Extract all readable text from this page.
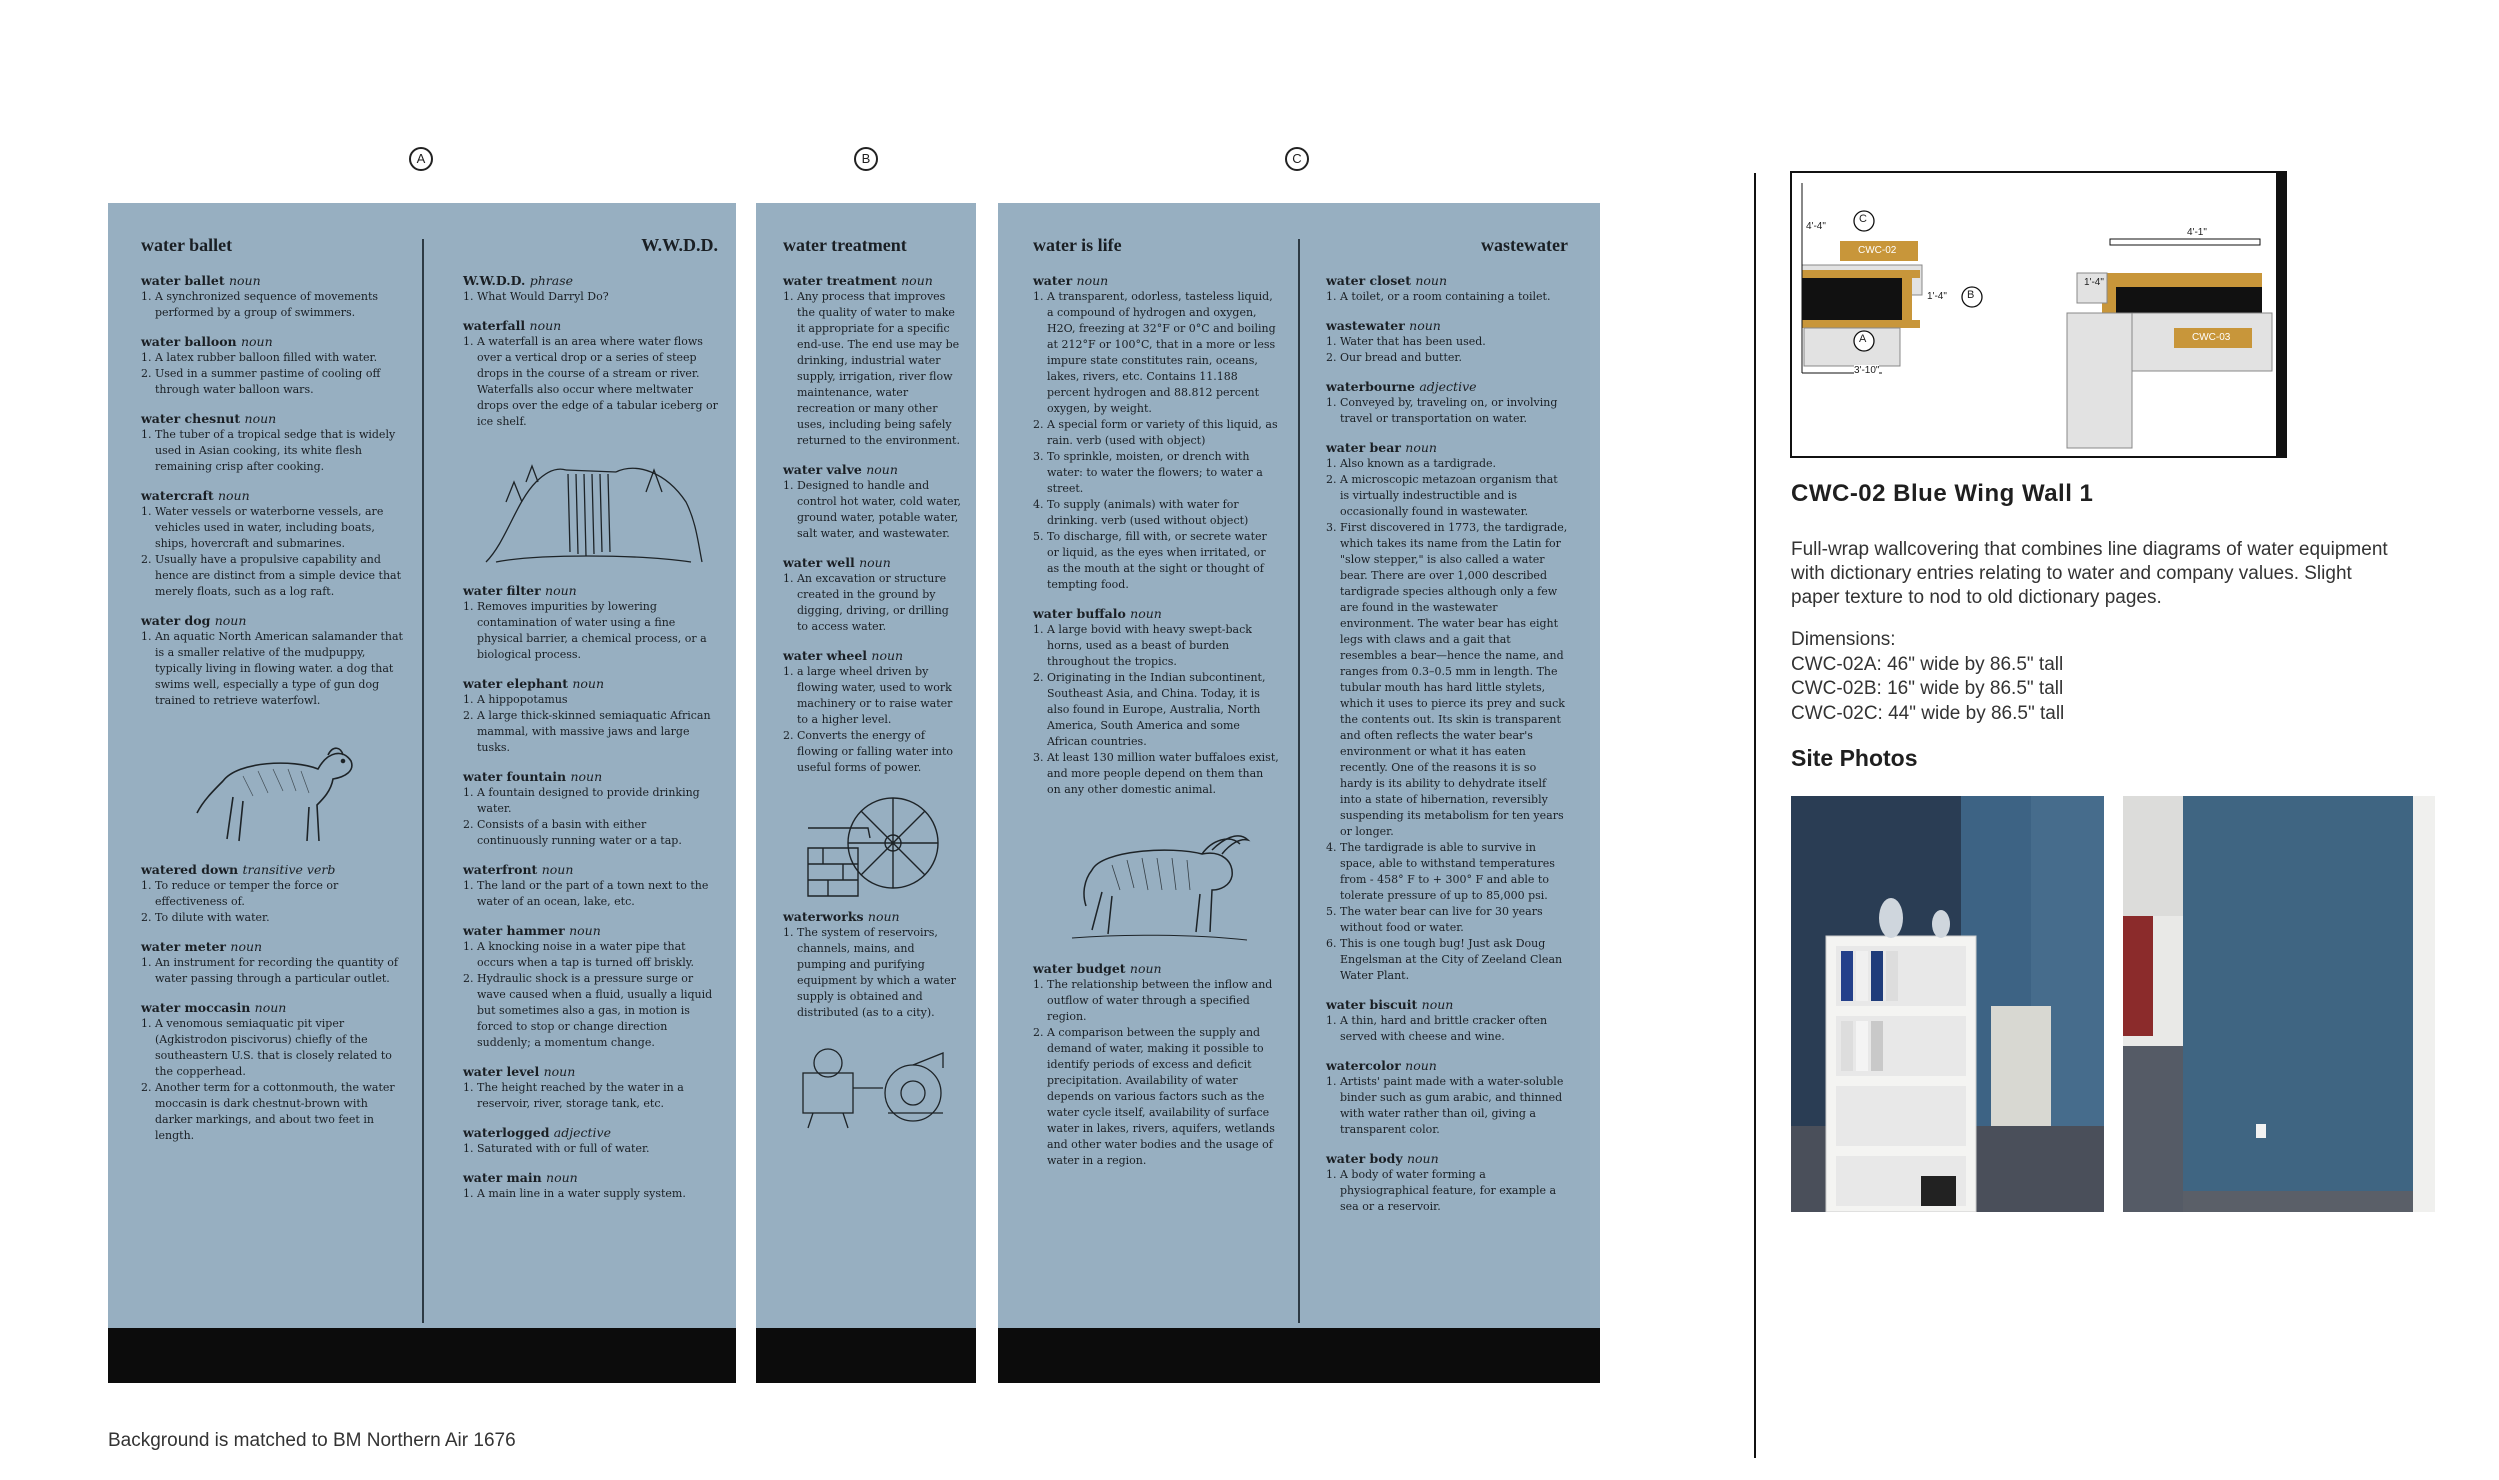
A	B	C
water ballet
water ballet noun

1. A synchronized sequence of movements performed by a group of swimmers.

water balloon noun

1. A latex rubber balloon filled with water.

2. Used in a summer pastime of cooling off through water balloon wars.

water chesnut noun

1. The tuber of a tropical sedge that is widely used in Asian cooking, its white flesh remaining crisp after cooking.

watercraft noun

1. Water vessels or waterborne vessels, are vehicles used in water, including boats, ships, hovercraft and submarines.

2. Usually have a propulsive capability and hence are distinct from a simple device that merely floats, such as a log raft.

water dog noun

1. An aquatic North American salamander that is a smaller relative of the mudpuppy, typically living in flowing water. a dog that swims well, especially a type of gun dog trained to retrieve waterfowl.

watered down transitive verb

1. To reduce or temper the force or effectiveness of.

2. To dilute with water.

water meter noun

1. An instrument for recording the quantity of water passing through a particular outlet.

water moccasin noun

1. A venomous semiaquatic pit viper (Agkistrodon piscivorus) chiefly of the southeastern U.S. that is closely related to the copperhead.

2. Another term for a cottonmouth, the water moccasin is dark chestnut-brown with darker markings, and about two feet in length.

W.W.D.D.
W.W.D.D. phrase

1. What Would Darryl Do?

waterfall noun

1. A waterfall is an area where water flows over a vertical drop or a series of steep drops in the course of a stream or river. Waterfalls also occur where meltwater drops over the edge of a tabular iceberg or ice shelf.

water filter noun

1. Removes impurities by lowering contamination of water using a fine physical barrier, a chemical process, or a biological process.

water elephant noun

1. A hippopotamus

2. A large thick-skinned semiaquatic African mammal, with massive jaws and large tusks.

water fountain noun

1. A fountain designed to provide drinking water.

2. Consists of a basin with either continuously running water or a tap.

waterfront noun

1. The land or the part of a town next to the water of an ocean, lake, etc.

water hammer noun

1. A knocking noise in a water pipe that occurs when a tap is turned off briskly.

2. Hydraulic shock is a pressure surge or wave caused when a fluid, usually a liquid but sometimes also a gas, in motion is forced to stop or change direction suddenly; a momentum change.

water level noun

1. The height reached by the water in a reservoir, river, storage tank, etc.

waterlogged adjective

1. Saturated with or full of water.

water main noun

1. A main line in a water supply system.

water treatment
water treatment noun

1. Any process that improves the quality of water to make it appropriate for a specific end-use. The end use may be drinking, industrial water supply, irrigation, river flow maintenance, water recreation or many other uses, including being safely returned to the environment.

water valve noun

1. Designed to handle and control hot water, cold water, ground water, potable water, salt water, and wastewater.

water well noun

1. An excavation or structure created in the ground by digging, driving, or drilling to access water.

water wheel noun

1. a large wheel driven by flowing water, used to work machinery or to raise water to a higher level.

2. Converts the energy of flowing or falling water into useful forms of power.

waterworks noun

1. The system of reservoirs, channels, mains, and pumping and purifying equipment by which a water supply is obtained and distributed (as to a city).

water is life
water noun

1. A transparent, odorless, tasteless liquid, a compound of hydrogen and oxygen, H2O, freezing at 32°F or 0°C and boiling at 212°F or 100°C, that in a more or less impure state constitutes rain, oceans, lakes, rivers, etc. Contains 11.188 percent hydrogen and 88.812 percent oxygen, by weight.

2. A special form or variety of this liquid, as rain. verb (used with object)

3. To sprinkle, moisten, or drench with water: to water the flowers; to water a street.

4. To supply (animals) with water for drinking. verb (used without object)

5. To discharge, fill with, or secrete water or liquid, as the eyes when irritated, or as the mouth at the sight or thought of tempting food.

water buffalo noun

1. A large bovid with heavy swept-back horns, used as a beast of burden throughout the tropics.

2. Originating in the Indian subcontinent, Southeast Asia, and China. Today, it is also found in Europe, Australia, North America, South America and some African countries.

3. At least 130 million water buffaloes exist, and more people depend on them than on any other domestic animal.

water budget noun

1. The relationship between the inflow and outflow of water through a specified region.

2. A comparison between the supply and demand of water, making it possible to identify periods of excess and deficit precipitation. Availability of water depends on various factors such as the water cycle itself, availability of surface water in lakes, rivers, aquifers, wetlands and other water bodies and the usage of water in a region.

wastewater
water closet noun

1. A toilet, or a room containing a toilet.

wastewater noun

1. Water that has been used.

2. Our bread and butter.

waterbourne adjective

1. Conveyed by, traveling on, or involving travel or transportation on water.

water bear noun

1. Also known as a tardigrade.

2. A microscopic metazoan organism that is virtually indestructible and is occasionally found in wastewater.

3. First discovered in 1773, the tardigrade, which takes its name from the Latin for "slow stepper," is also called a water bear. There are over 1,000 described tardigrade species although only a few are found in the wastewater environment. The water bear has eight legs with claws and a gait that resembles a bear—hence the name, and ranges from 0.3–0.5 mm in length. The tubular mouth has hard little stylets, which it uses to pierce its prey and suck the contents out. Its skin is transparent and often reflects the water bear's environment or what it has eaten recently. One of the reasons it is so hardy is its ability to dehydrate itself into a state of hibernation, reversibly suspending its metabolism for ten years or longer.

4. The tardigrade is able to survive in space, able to withstand temperatures from - 458° F to + 300° F and able to tolerate pressure of up to 85,000 psi.

5. The water bear can live for 30 years without food or water.

6. This is one tough bug! Just ask Doug Engelsman at the City of Zeeland Clean Water Plant.

water biscuit noun

1. A thin, hard and brittle cracker often served with cheese and wine.

watercolor noun

1. Artists' paint made with a water-soluble binder such as gum arabic, and thinned with water rather than oil, giving a transparent color.

water body noun

1. A body of water forming a physiographical feature, for example a sea or a reservoir.

Background is matched to BM Northern Air 1676
C
A
B
4'-4"
3'-10"
1'-4"
4'-1"
1'-4"
CWC-02
CWC-03
CWC-02 Blue Wing Wall 1
Full-wrap wallcovering that combines line diagrams of water equipment with dictionary entries relating to water and company values. Slight paper texture to nod to old dictionary pages.
Dimensions:
CWC-02A: 46" wide by 86.5" tall
CWC-02B: 16" wide by 86.5" tall
CWC-02C: 44" wide by 86.5" tall
Site Photos
